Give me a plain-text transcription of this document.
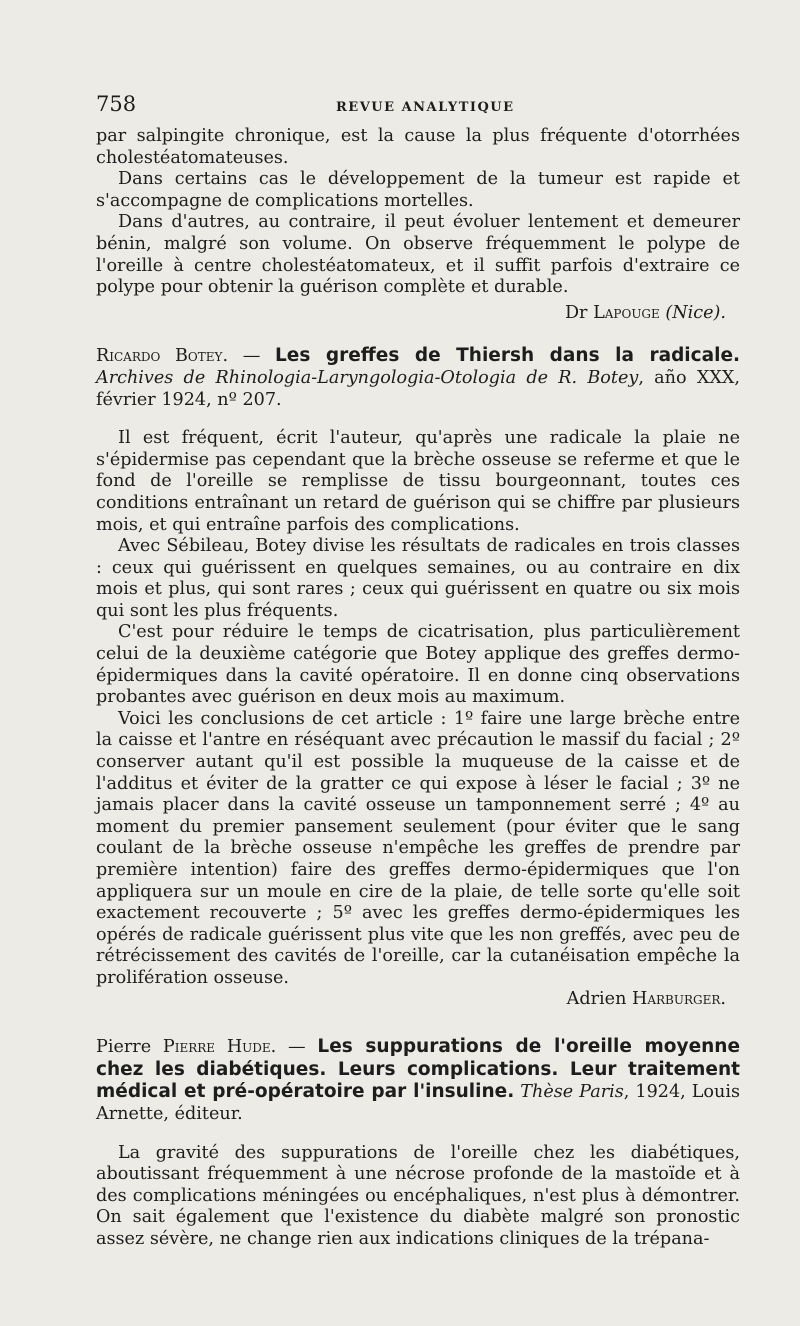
758	REVUE ANALYTIQUE

par salpingite chronique, est la cause la plus fréquente d'otorrhées cholestéatomateuses.

Dans certains cas le développement de la tumeur est rapide et s'accompagne de complications mortelles.

Dans d'autres, au contraire, il peut évoluer lentement et demeurer bénin, malgré son volume. On observe fréquemment le polype de l'oreille à centre cholestéatomateux, et il suffit parfois d'extraire ce polype pour obtenir la guérison complète et durable.

Dr Lapouge (Nice).

Ricardo Botey. — Les greffes de Thiersh dans la radicale. Archives de Rhinologia-Laryngologia-Otologia de R. Botey, año XXX, février 1924, nº 207.

Il est fréquent, écrit l'auteur, qu'après une radicale la plaie ne s'épidermise pas cependant que la brèche osseuse se referme et que le fond de l'oreille se remplisse de tissu bourgeonnant, toutes ces conditions entraînant un retard de guérison qui se chiffre par plusieurs mois, et qui entraîne parfois des complications.

Avec Sébileau, Botey divise les résultats de radicales en trois classes : ceux qui guérissent en quelques semaines, ou au contraire en dix mois et plus, qui sont rares ; ceux qui guérissent en quatre ou six mois qui sont les plus fréquents.

C'est pour réduire le temps de cicatrisation, plus particulièrement celui de la deuxième catégorie que Botey applique des greffes dermo-épidermiques dans la cavité opératoire. Il en donne cinq observations probantes avec guérison en deux mois au maximum.

Voici les conclusions de cet article : 1º faire une large brèche entre la caisse et l'antre en réséquant avec précaution le massif du facial ; 2º conserver autant qu'il est possible la muqueuse de la caisse et de l'additus et éviter de la gratter ce qui expose à léser le facial ; 3º ne jamais placer dans la cavité osseuse un tamponnement serré ; 4º au moment du premier pansement seulement (pour éviter que le sang coulant de la brèche osseuse n'empêche les greffes de prendre par première intention) faire des greffes dermo-épidermiques que l'on appliquera sur un moule en cire de la plaie, de telle sorte qu'elle soit exactement recouverte ; 5º avec les greffes dermo-épidermiques les opérés de radicale guérissent plus vite que les non greffés, avec peu de rétrécissement des cavités de l'oreille, car la cutanéisation empêche la prolifération osseuse.

Adrien Harburger.

Pierre Pierre Hude. — Les suppurations de l'oreille moyenne chez les diabétiques. Leurs complications. Leur traitement médical et pré-opératoire par l'insuline. Thèse Paris, 1924, Louis Arnette, éditeur.

La gravité des suppurations de l'oreille chez les diabétiques, aboutissant fréquemment à une nécrose profonde de la mastoïde et à des complications méningées ou encéphaliques, n'est plus à démontrer. On sait également que l'existence du diabète malgré son pronostic assez sévère, ne change rien aux indications cliniques de la trépana-
